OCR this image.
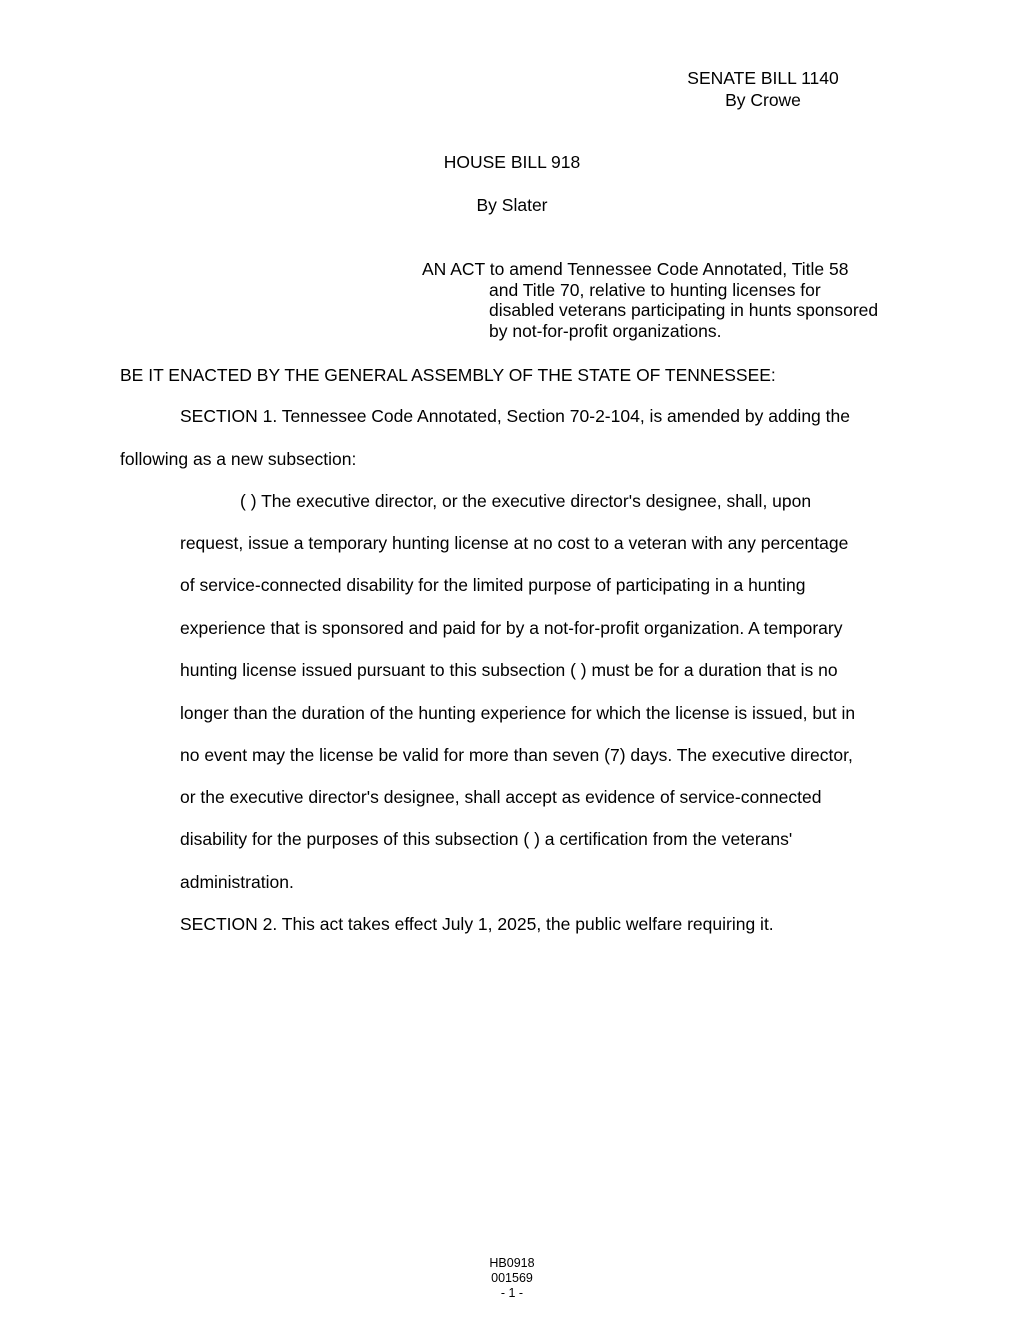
SENATE BILL 1140
By Crowe
HOUSE BILL 918
By Slater
AN ACT to amend Tennessee Code Annotated, Title 58
and Title 70, relative to hunting licenses for
disabled veterans participating in hunts sponsored
by not-for-profit organizations.
BE IT ENACTED BY THE GENERAL ASSEMBLY OF THE STATE OF TENNESSEE:
SECTION 1. Tennessee Code Annotated, Section 70-2-104, is amended by adding the
following as a new subsection:
( ) The executive director, or the executive director's designee, shall, upon
request, issue a temporary hunting license at no cost to a veteran with any percentage
of service-connected disability for the limited purpose of participating in a hunting
experience that is sponsored and paid for by a not-for-profit organization. A temporary
hunting license issued pursuant to this subsection ( ) must be for a duration that is no
longer than the duration of the hunting experience for which the license is issued, but in
no event may the license be valid for more than seven (7) days. The executive director,
or the executive director's designee, shall accept as evidence of service-connected
disability for the purposes of this subsection ( ) a certification from the veterans'
administration.
SECTION 2. This act takes effect July 1, 2025, the public welfare requiring it.
HB0918
001569
- 1 -
